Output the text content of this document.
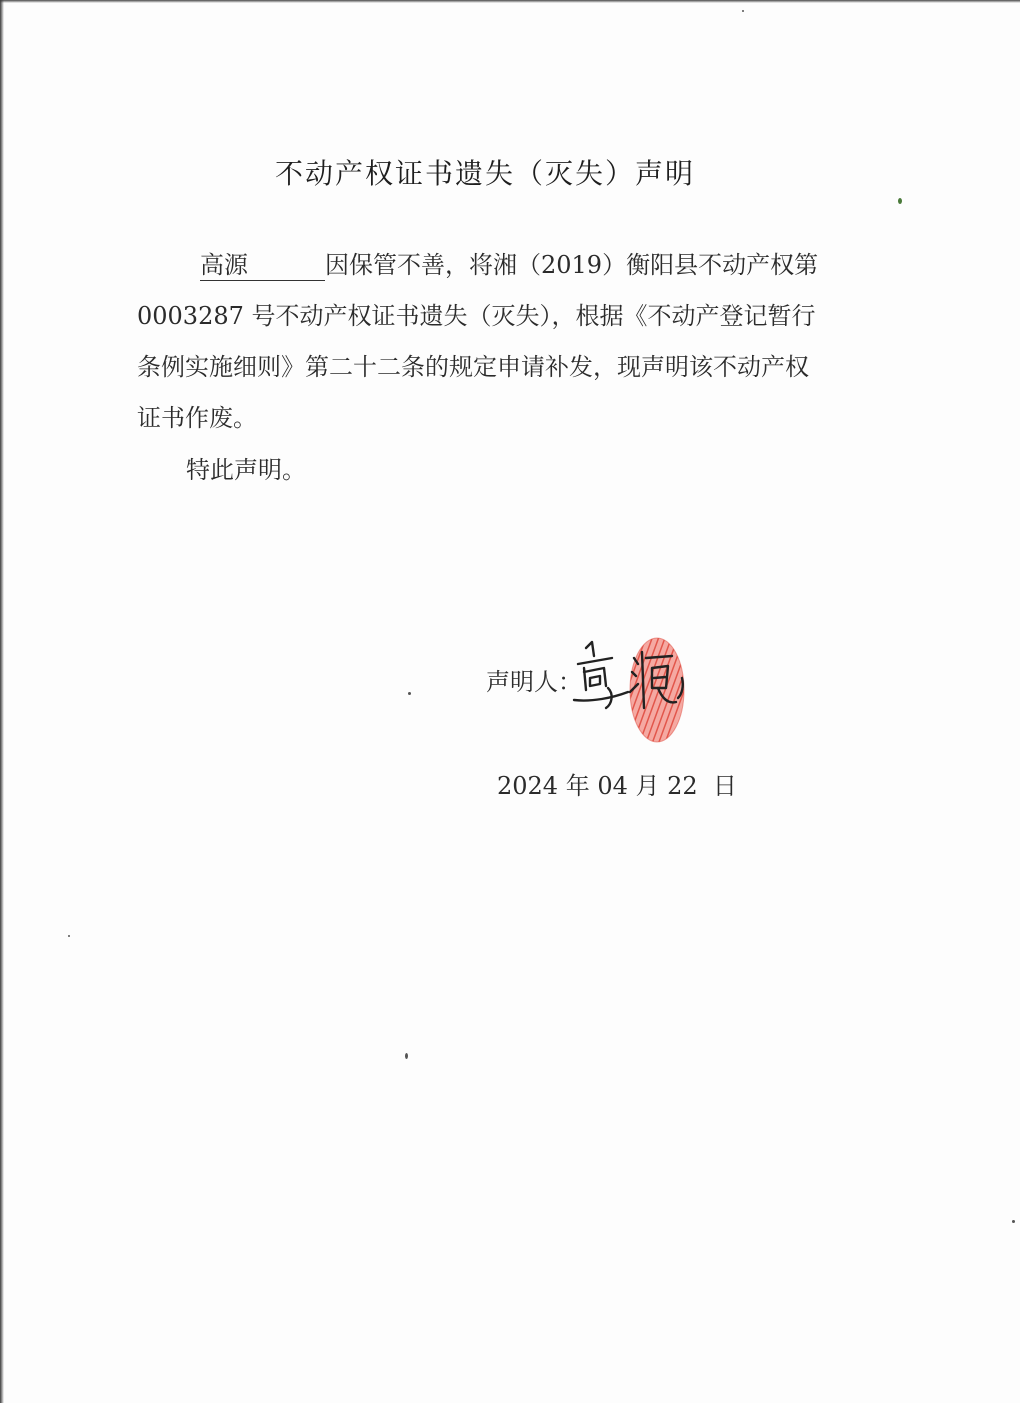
不动产权证书遗失（灭失）声明
高源	因保管不善，将湘（2019）衡阳县不动产权第
0003287 号不动产权证书遗失（灭失），根据《不动产登记暂行
条例实施细则》第二十二条的规定申请补发，现声明该不动产权
证书作废。
特此声明。
声明人：
2024 年 04 月 22  日
